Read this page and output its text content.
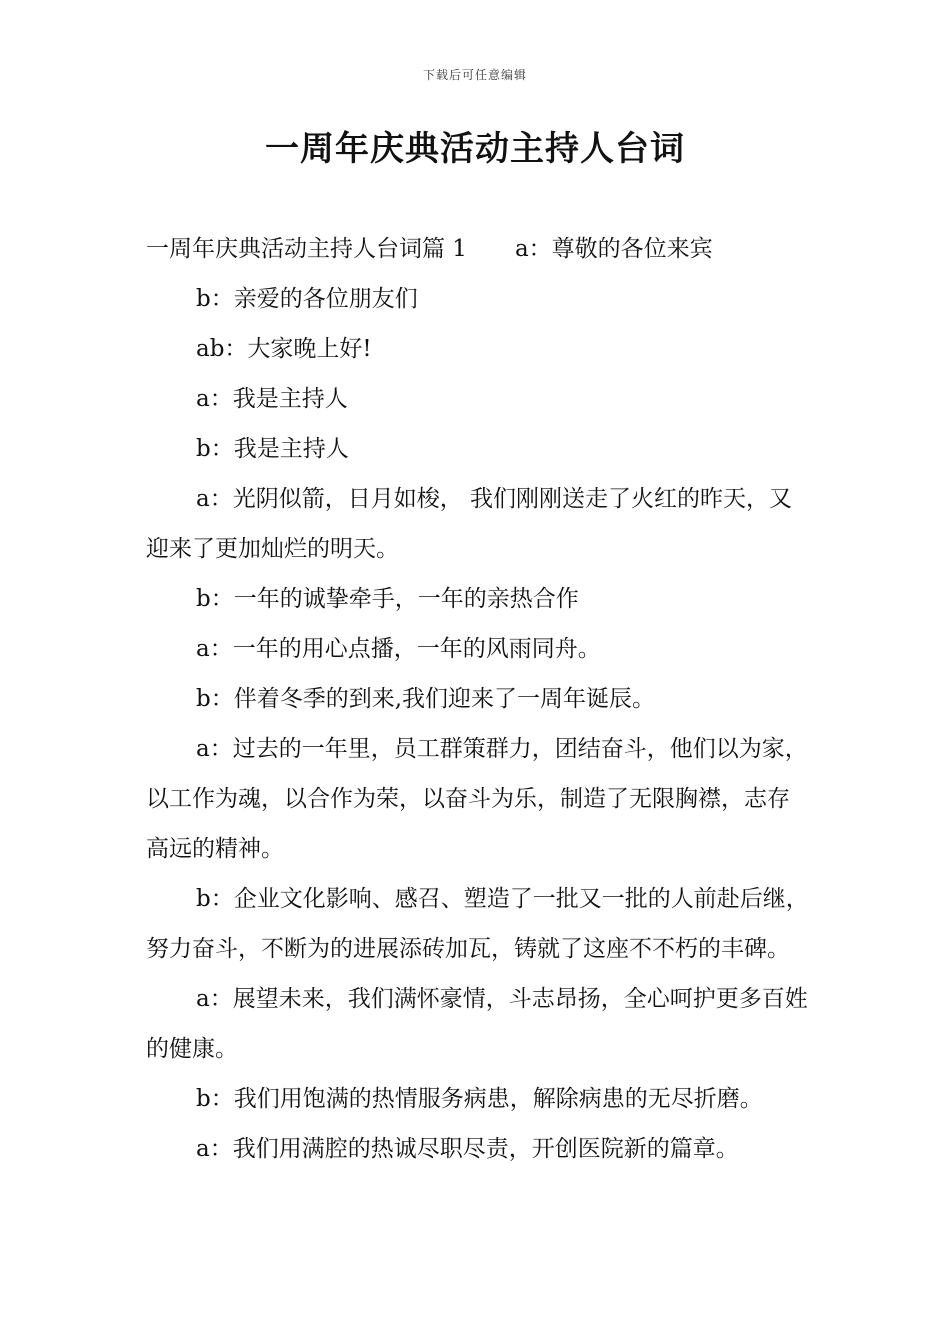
下载后可任意编辑
一周年庆典活动主持人台词

一周年庆典活动主持人台词篇 1 a：尊敬的各位来宾

b：亲爱的各位朋友们

ab：大家晚上好!

a：我是主持人

b：我是主持人

a：光阴似箭，日月如梭， 我们刚刚送走了火红的昨天，又迎来了更加灿烂的明天。

b：一年的诚挚牵手，一年的亲热合作

a：一年的用心点播，一年的风雨同舟。

b：伴着冬季的到来,我们迎来了一周年诞辰。

a：过去的一年里，员工群策群力，团结奋斗，他们以为家，以工作为魂，以合作为荣，以奋斗为乐，制造了无限胸襟，志存高远的精神。

b：企业文化影响、感召、塑造了一批又一批的人前赴后继，努力奋斗，不断为的进展添砖加瓦，铸就了这座不不朽的丰碑。

a：展望未来，我们满怀豪情，斗志昂扬，全心呵护更多百姓的健康。

b：我们用饱满的热情服务病患，解除病患的无尽折磨。

a：我们用满腔的热诚尽职尽责，开创医院新的篇章。
